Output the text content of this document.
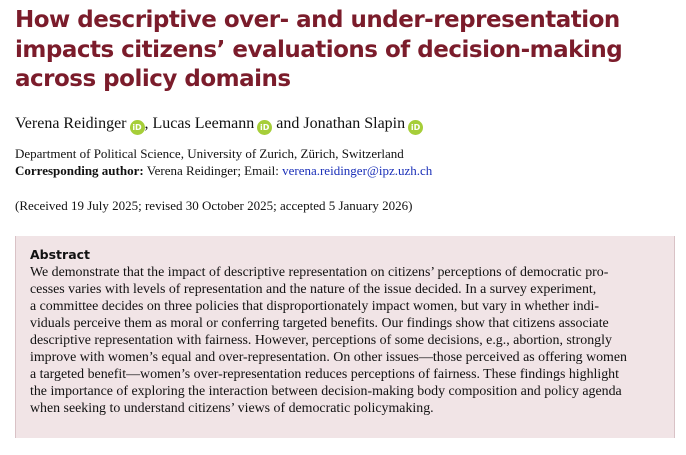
How descriptive over- and under-representation impacts citizens’ evaluations of decision-making across policy domains
Verena Reidinger iD , Lucas Leemann iD and Jonathan Slapin iD
Department of Political Science, University of Zurich, Zürich, Switzerland
Corresponding author: Verena Reidinger; Email: verena.reidinger@ipz.uzh.ch
(Received 19 July 2025; revised 30 October 2025; accepted 5 January 2026)
Abstract
We demonstrate that the impact of descriptive representation on citizens’ perceptions of democratic pro-
cesses varies with levels of representation and the nature of the issue decided. In a survey experiment,
a committee decides on three policies that disproportionately impact women, but vary in whether indi-
viduals perceive them as moral or conferring targeted benefits. Our findings show that citizens associate
descriptive representation with fairness. However, perceptions of some decisions, e.g., abortion, strongly
improve with women’s equal and over-representation. On other issues—those perceived as offering women
a targeted benefit—women’s over-representation reduces perceptions of fairness. These findings highlight
the importance of exploring the interaction between decision-making body composition and policy agenda
when seeking to understand citizens’ views of democratic policymaking.
